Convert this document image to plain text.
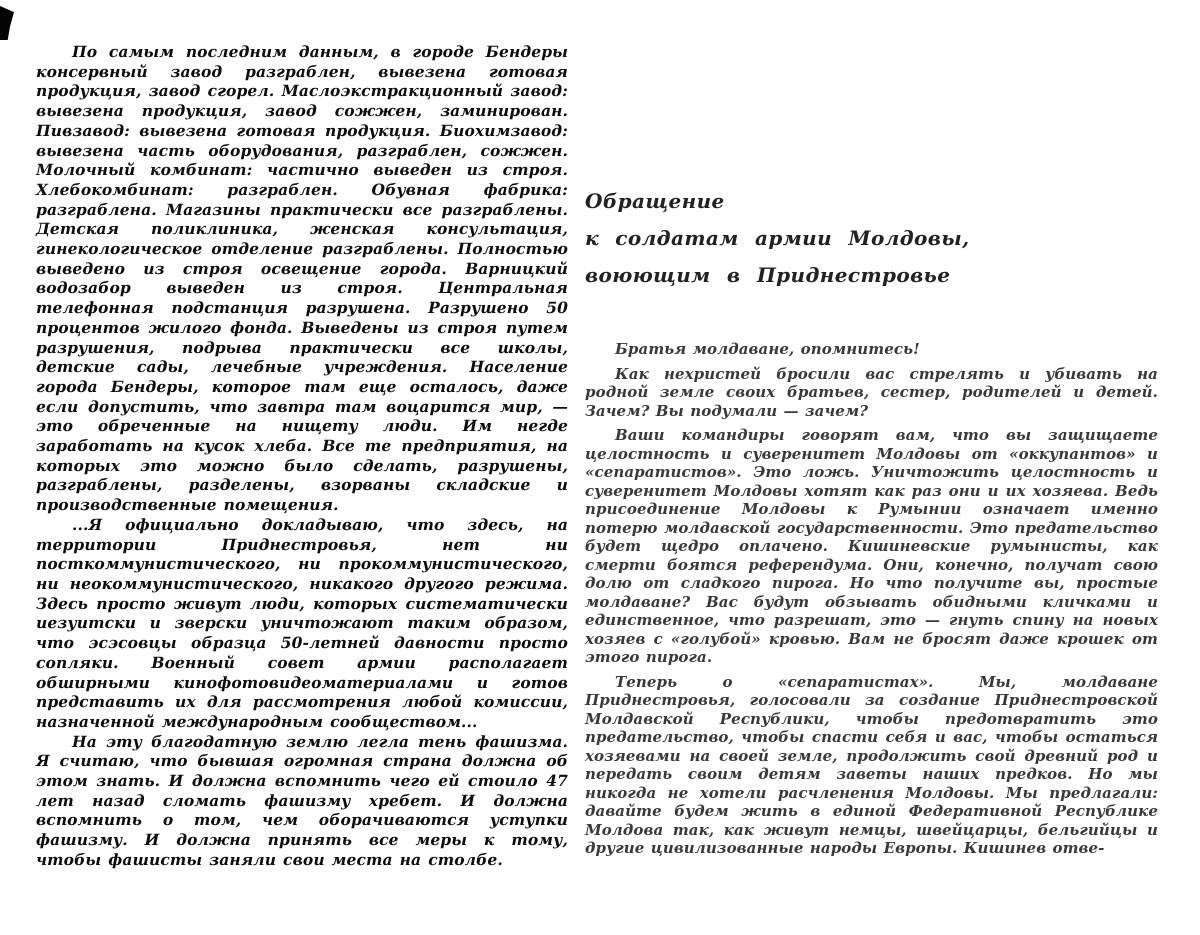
По самым последним данным, в городе Бендеры консервный завод разграблен, вывезена готовая продукция, завод сгорел. Маслоэкстракционный завод: вывезена продукция, завод сожжен, заминирован. Пивзавод: вывезена готовая продукция. Биохимзавод: вывезена часть оборудования, разграблен, сожжен. Молочный комбинат: частично выведен из строя. Хлебокомбинат: разграблен. Обувная фабрика: разграблена. Магазины практически все разграблены. Детская поликлиника, женская консультация, гинекологическое отделение разграблены. Полностью выведено из строя освещение города. Варницкий водозабор выведен из строя. Центральная телефонная подстанция разрушена. Разрушено 50 процентов жилого фонда. Выведены из строя путем разрушения, подрыва практически все школы, детские сады, лечебные учреждения. Население города Бендеры, которое там еще осталось, даже если допустить, что завтра там воцарится мир, — это обреченные на нищету люди. Им негде заработать на кусок хлеба. Все те предприятия, на которых это можно было сделать, разрушены, разграблены, разделены, взорваны складские и производственные помещения.

...Я официально докладываю, что здесь, на территории Приднестровья, нет ни посткоммунистического, ни прокоммунистического, ни неокоммунистического, никакого другого режима. Здесь просто живут люди, которых систематически иезуитски и зверски уничтожают таким образом, что эсэсовцы образца 50-летней давности просто сопляки. Военный совет армии располагает обширными кинофотовидеоматериалами и готов представить их для рассмотрения любой комиссии, назначенной международным сообществом...

На эту благодатную землю легла тень фашизма. Я считаю, что бывшая огромная страна должна об этом знать. И должна вспомнить чего ей стоило 47 лет назад сломать фашизму хребет. И должна вспомнить о том, чем оборачиваются уступки фашизму. И должна принять все меры к тому, чтобы фашисты заняли свои места на столбе.

Обращение
к солдатам армии Молдовы,
воюющим в Приднестровье

Братья молдаване, опомнитесь!

Как нехристей бросили вас стрелять и убивать на родной земле своих братьев, сестер, родителей и детей. Зачем? Вы подумали — зачем?

Ваши командиры говорят вам, что вы защищаете целостность и суверенитет Молдовы от «оккупантов» и «сепаратистов». Это ложь. Уничтожить целостность и суверенитет Молдовы хотят как раз они и их хозяева. Ведь присоединение Молдовы к Румынии означает именно потерю молдавской государственности. Это предательство будет щедро оплачено. Кишиневские румынисты, как смерти боятся референдума. Они, конечно, получат свою долю от сладкого пирога. Но что получите вы, простые молдаване? Вас будут обзывать обидными кличками и единственное, что разрешат, это — гнуть спину на новых хозяев с «голубой» кровью. Вам не бросят даже крошек от этого пирога.

Теперь о «сепаратистах». Мы, молдаване Приднестровья, голосовали за создание Приднестровской Молдавской Республики, чтобы предотвратить это предательство, чтобы спасти себя и вас, чтобы остаться хозяевами на своей земле, продолжить свой древний род и передать своим детям заветы наших предков. Но мы никогда не хотели расчленения Молдовы. Мы предлагали: давайте будем жить в единой Федеративной Республике Молдова так, как живут немцы, швейцарцы, бельгийцы и другие цивилизованные народы Европы. Кишинев отве-
